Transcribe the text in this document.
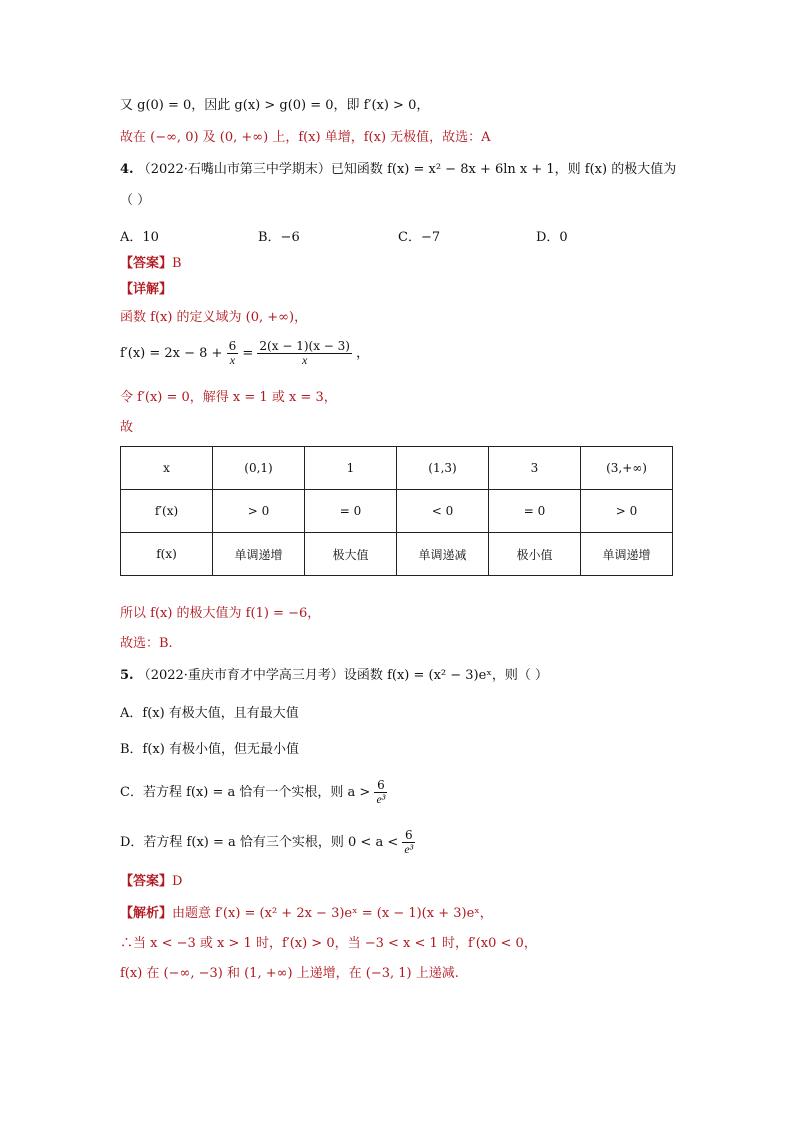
又 g(0) = 0，因此 g(x) > g(0) = 0，即 f′(x) > 0，
故在 (−∞, 0) 及 (0, +∞) 上，f(x) 单增，f(x) 无极值，故选：A
4. （2022·石嘴山市第三中学期末）已知函数 f(x) = x² − 8x + 6ln x + 1，则 f(x) 的极大值为
（ ）
A．10	B．−6	C．−7	D．0
【答案】B
【详解】
函数 f(x) 的定义域为 (0, +∞)，
$f'(x) = 2x - 8 + \frac{6}{x} = \frac{2(x - 1)(x - 3)}{x}$ ，
令 f′(x) = 0，解得 x = 1 或 x = 3，
故
x	(0,1)	1	(1,3)	3	(3,+∞)
f′(x)	> 0	= 0	< 0	= 0	> 0
f(x)	单调递增	极大值	单调递减	极小值	单调递增
所以 f(x) 的极大值为 f(1) = −6，
故选：B.
5. （2022·重庆市育才中学高三月考）设函数 f(x) = (x² − 3)eˣ，则（ ）
A．f(x) 有极大值，且有最大值
B．f(x) 有极小值，但无最小值
C．若方程 f(x) = a 恰有一个实根，则 $a > \frac{6}{\text{e³}}$
D．若方程 f(x) = a 恰有三个实根，则 $0 < a < \frac{6}{\text{e³}}$
【答案】D
【解析】由题意 f′(x) = (x² + 2x − 3)eˣ = (x − 1)(x + 3)eˣ，
∴当 x < −3 或 x > 1 时，f′(x) > 0，当 −3 < x < 1 时，f′(x0 < 0，
f(x) 在 (−∞, −3) 和 (1, +∞) 上递增，在 (−3, 1) 上递减.
